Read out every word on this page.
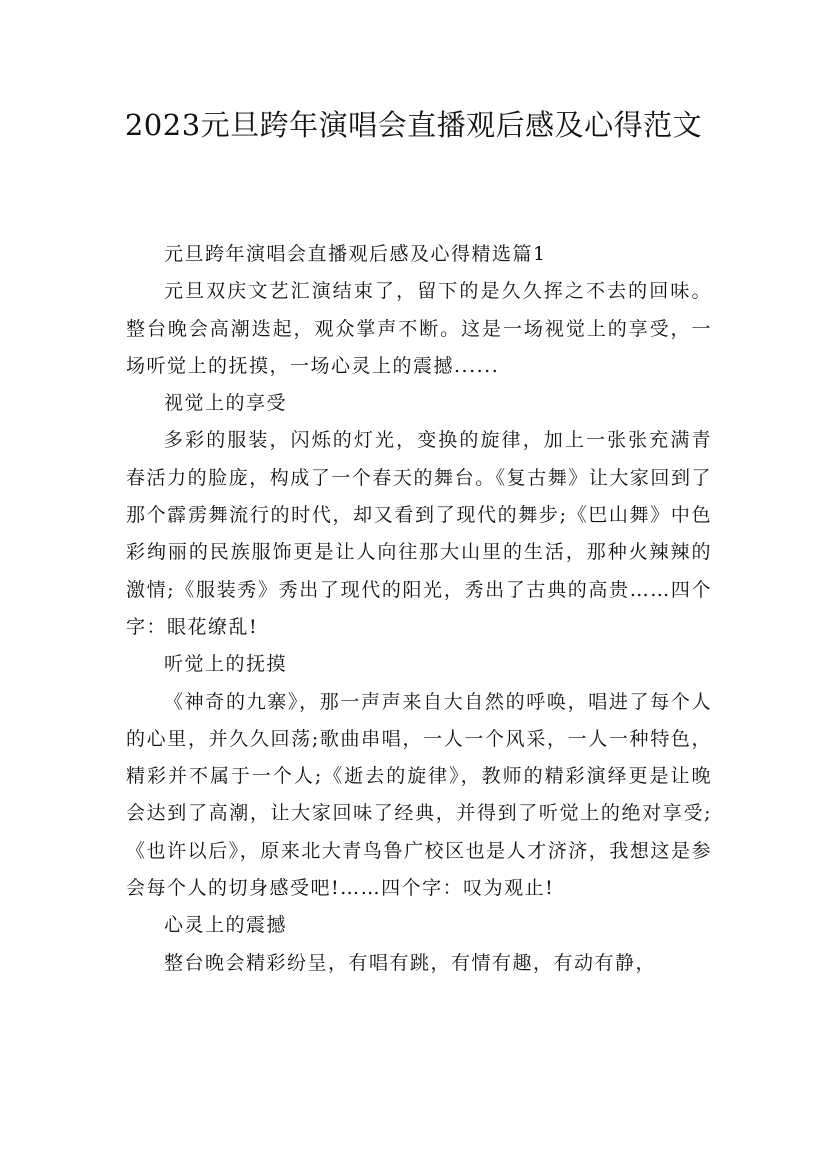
2023元旦跨年演唱会直播观后感及心得范文

元旦跨年演唱会直播观后感及心得精选篇1

元旦双庆文艺汇演结束了，留下的是久久挥之不去的回味。整台晚会高潮迭起，观众掌声不断。这是一场视觉上的享受，一场听觉上的抚摸，一场心灵上的震撼......

视觉上的享受

多彩的服装，闪烁的灯光，变换的旋律，加上一张张充满青春活力的脸庞，构成了一个春天的舞台。《复古舞》让大家回到了那个霹雳舞流行的时代，却又看到了现代的舞步;《巴山舞》中色彩绚丽的民族服饰更是让人向往那大山里的生活，那种火辣辣的激情;《服装秀》秀出了现代的阳光，秀出了古典的高贵……四个字：眼花缭乱!

听觉上的抚摸

《神奇的九寨》，那一声声来自大自然的呼唤，唱进了每个人的心里，并久久回荡;歌曲串唱，一人一个风采，一人一种特色，精彩并不属于一个人;《逝去的旋律》，教师的精彩演绎更是让晚会达到了高潮，让大家回味了经典，并得到了听觉上的绝对享受;《也许以后》，原来北大青鸟鲁广校区也是人才济济，我想这是参会每个人的切身感受吧!……四个字：叹为观止!

心灵上的震撼

整台晚会精彩纷呈，有唱有跳，有情有趣，有动有静，
